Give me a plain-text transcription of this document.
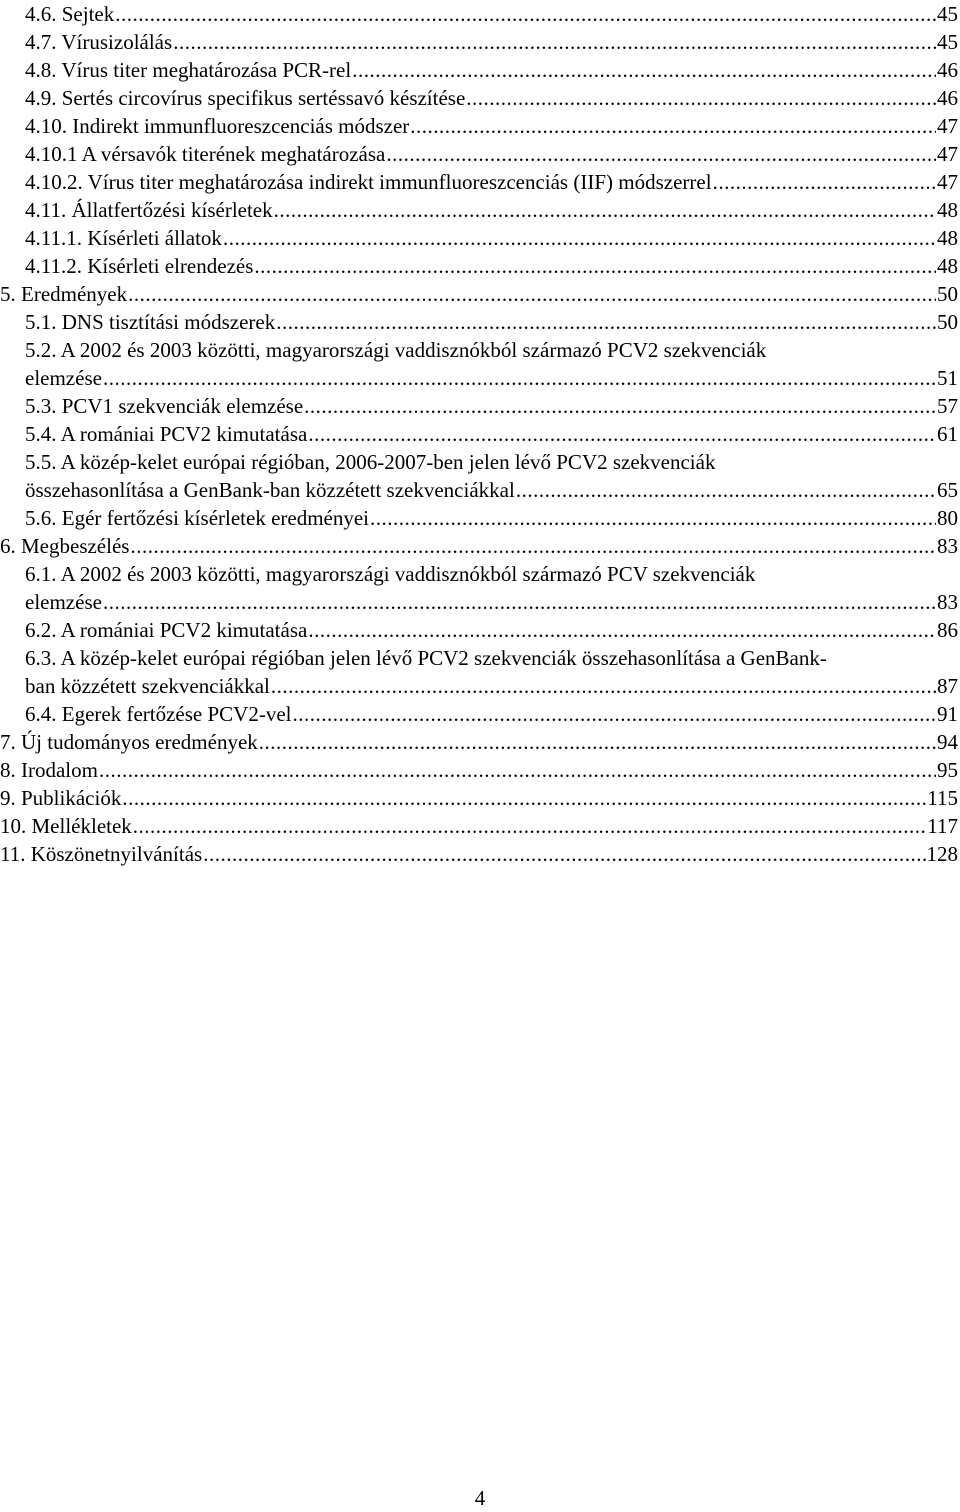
4.6. Sejtek .....	45
4.7. Vírusizolálás .....	45
4.8. Vírus titer meghatározása PCR-rel .....	46
4.9. Sertés circovírus specifikus sertéssavó készítése .....	46
4.10. Indirekt immunfluoreszcenciás módszer .....	47
4.10.1 A vérsavók titerének meghatározása .....	47
4.10.2. Vírus titer meghatározása indirekt immunfluoreszcenciás (IIF) módszerrel .....	47
4.11. Állatfertőzési kísérletek .....	48
4.11.1. Kísérleti állatok .....	48
4.11.2. Kísérleti elrendezés .....	48
5. Eredmények .....	50
5.1. DNS tisztítási módszerek .....	50
5.2. A 2002 és 2003 közötti, magyarországi vaddisznókból származó PCV2 szekvenciák
elemzése .....	51
5.3. PCV1 szekvenciák elemzése .....	57
5.4. A romániai PCV2 kimutatása .....	61
5.5. A közép-kelet európai régióban, 2006-2007-ben jelen lévő PCV2 szekvenciák
összehasonlítása a GenBank-ban közzétett szekvenciákkal .....	65
5.6. Egér fertőzési kísérletek eredményei .....	80
6. Megbeszélés .....	83
6.1. A 2002 és 2003 közötti, magyarországi vaddisznókból származó PCV szekvenciák
elemzése .....	83
6.2. A romániai PCV2 kimutatása .....	86
6.3. A közép-kelet európai régióban jelen lévő PCV2 szekvenciák összehasonlítása a GenBank-
ban közzétett szekvenciákkal .....	87
6.4. Egerek fertőzése PCV2-vel .....	91
7. Új tudományos eredmények .....	94
8. Irodalom .....	95
9. Publikációk .....	115
10. Mellékletek .....	117
11. Köszönetnyilvánítás .....	128
4
